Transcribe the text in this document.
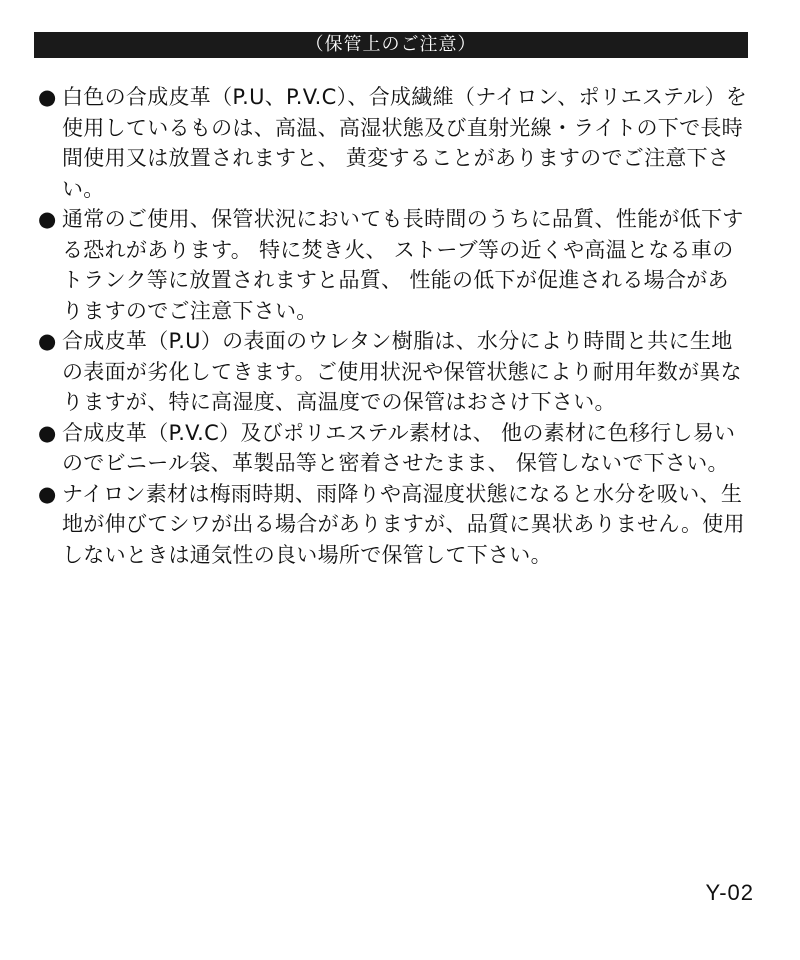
（保管上のご注意）
● 白色の合成皮革（P.U、P.V.C）、合成繊維（ナイロン、ポリエステル）を使用しているものは、高温、高湿状態及び直射光線・ライトの下で長時間使用又は放置されますと、 黄変することがありますのでご注意下さい。
● 通常のご使用、保管状況においても長時間のうちに品質、性能が低下する恐れがあります。 特に焚き火、 ストーブ等の近くや高温となる車のトランク等に放置されますと品質、 性能の低下が促進される場合がありますのでご注意下さい。
● 合成皮革（P.U）の表面のウレタン樹脂は、水分により時間と共に生地の表面が劣化してきます。ご使用状況や保管状態により耐用年数が異なりますが、特に高湿度、高温度での保管はおさけ下さい。
● 合成皮革（P.V.C）及びポリエステル素材は、 他の素材に色移行し易いのでビニール袋、革製品等と密着させたまま、 保管しないで下さい。
● ナイロン素材は梅雨時期、雨降りや高湿度状態になると水分を吸い、生地が伸びてシワが出る場合がありますが、品質に異状ありません。使用しないときは通気性の良い場所で保管して下さい。
Y-02
